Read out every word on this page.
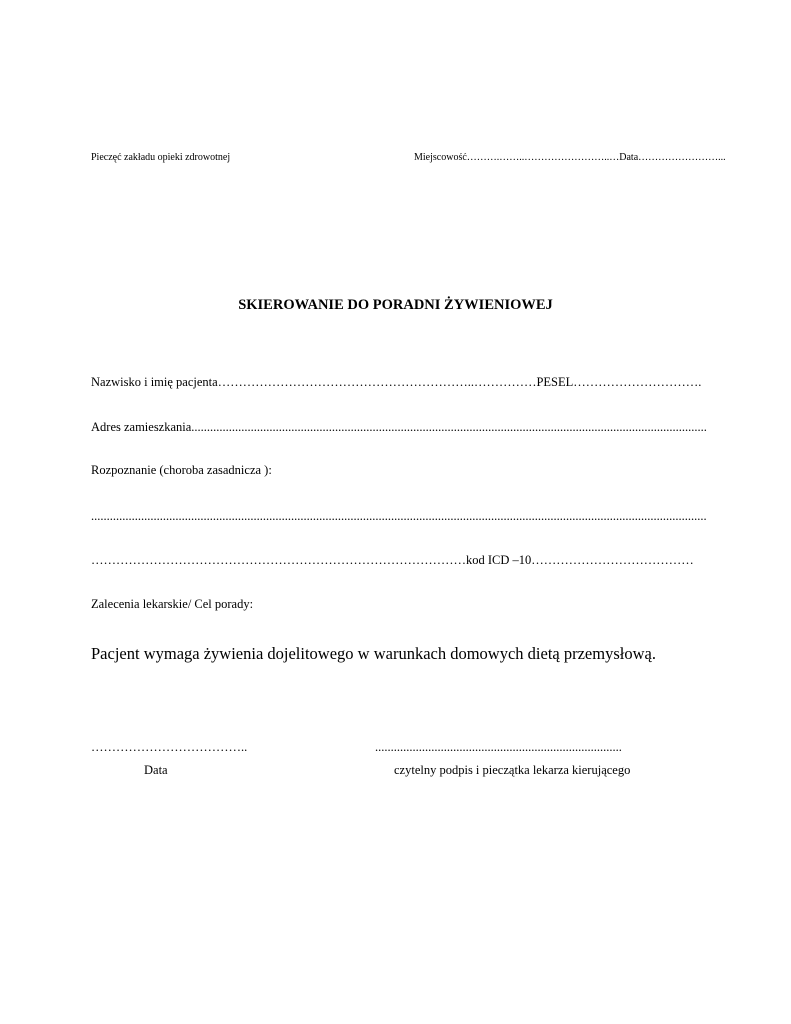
Pieczęć zakładu opieki zdrowotnej	Miejscowość……….……..……………………..…Data……………………...
SKIEROWANIE DO PORADNI ŻYWIENIOWEJ
Nazwisko i imię pacjenta……………………………………………………..……………PESEL………………………….
Adres zamieszkania.....................................................................................................................................................................
Rozpoznanie (choroba zasadnicza ):
.....................................................................................................................................................................................................
………………………………………………………………………………kod ICD –10…………………………………
Zalecenia lekarskie/ Cel porady:
Pacjent wymaga żywienia dojelitowego w warunkach domowych dietą przemysłową.
………………………………..	...............................................................................
Data	czytelny podpis i pieczątka lekarza kierującego
